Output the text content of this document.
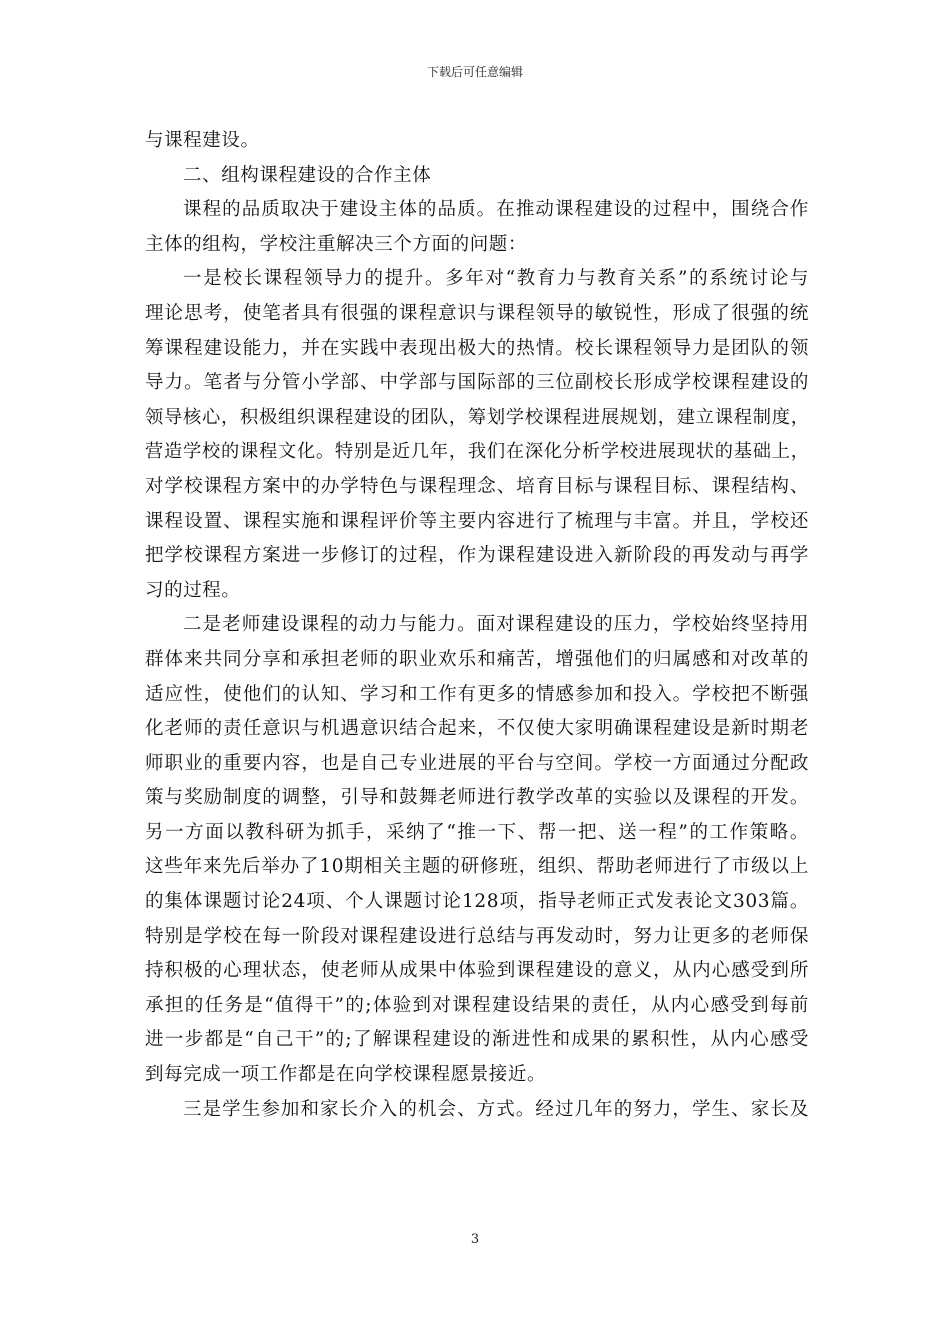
下载后可任意编辑
与课程建设。
二、组构课程建设的合作主体
课程的品质取决于建设主体的品质。在推动课程建设的过程中，围绕合作
主体的组构，学校注重解决三个方面的问题：
一是校长课程领导力的提升。多年对“教育力与教育关系”的系统讨论与
理论思考，使笔者具有很强的课程意识与课程领导的敏锐性，形成了很强的统
筹课程建设能力，并在实践中表现出极大的热情。校长课程领导力是团队的领
导力。笔者与分管小学部、中学部与国际部的三位副校长形成学校课程建设的
领导核心，积极组织课程建设的团队，筹划学校课程进展规划，建立课程制度，
营造学校的课程文化。特别是近几年，我们在深化分析学校进展现状的基础上，
对学校课程方案中的办学特色与课程理念、培育目标与课程目标、课程结构、
课程设置、课程实施和课程评价等主要内容进行了梳理与丰富。并且，学校还
把学校课程方案进一步修订的过程，作为课程建设进入新阶段的再发动与再学
习的过程。
二是老师建设课程的动力与能力。面对课程建设的压力，学校始终坚持用
群体来共同分享和承担老师的职业欢乐和痛苦，增强他们的归属感和对改革的
适应性，使他们的认知、学习和工作有更多的情感参加和投入。学校把不断强
化老师的责任意识与机遇意识结合起来，不仅使大家明确课程建设是新时期老
师职业的重要内容，也是自己专业进展的平台与空间。学校一方面通过分配政
策与奖励制度的调整，引导和鼓舞老师进行教学改革的实验以及课程的开发。
另一方面以教科研为抓手，采纳了“推一下、帮一把、送一程”的工作策略。
这些年来先后举办了10期相关主题的研修班，组织、帮助老师进行了市级以上
的集体课题讨论24项、个人课题讨论128项，指导老师正式发表论文303篇。
特别是学校在每一阶段对课程建设进行总结与再发动时，努力让更多的老师保
持积极的心理状态，使老师从成果中体验到课程建设的意义，从内心感受到所
承担的任务是“值得干”的;体验到对课程建设结果的责任，从内心感受到每前
进一步都是“自己干”的;了解课程建设的渐进性和成果的累积性，从内心感受
到每完成一项工作都是在向学校课程愿景接近。
三是学生参加和家长介入的机会、方式。经过几年的努力，学生、家长及
3
